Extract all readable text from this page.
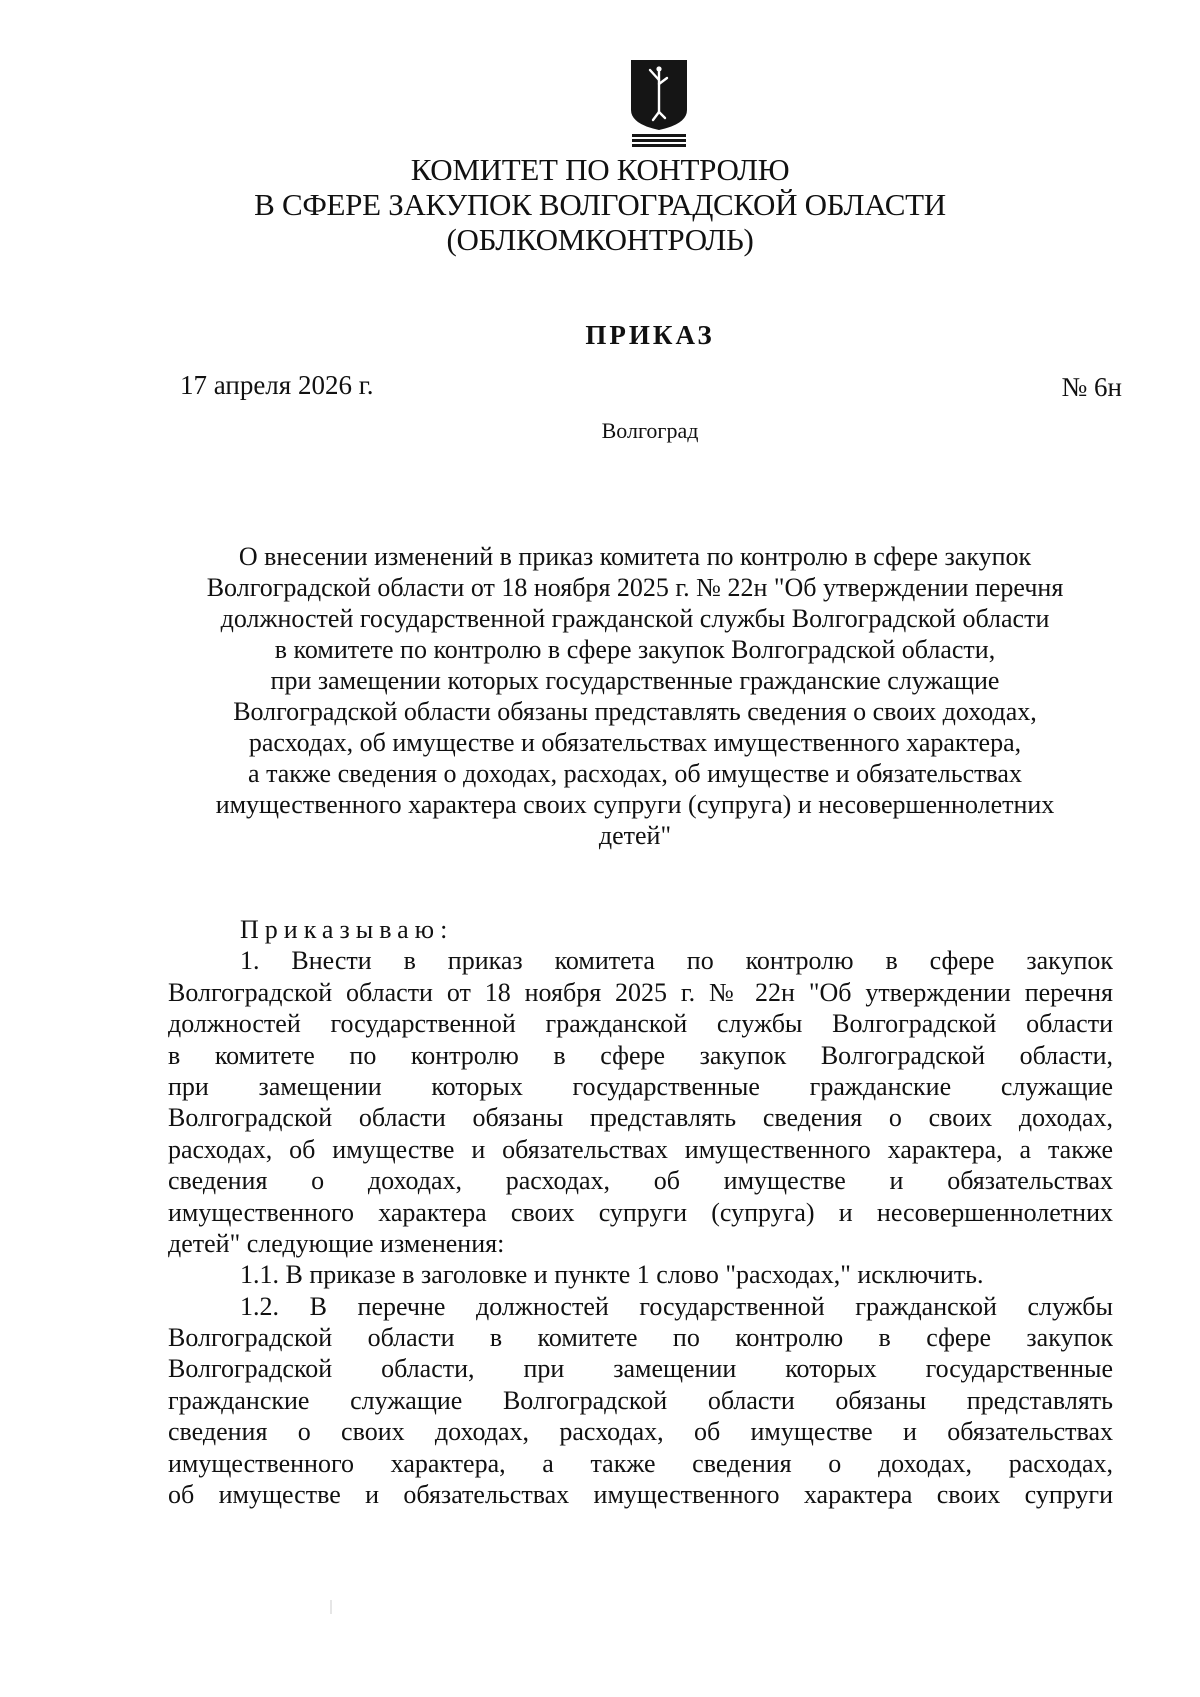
КОМИТЕТ ПО КОНТРОЛЮ
В СФЕРЕ ЗАКУПОК ВОЛГОГРАДСКОЙ ОБЛАСТИ
(ОБЛКОМКОНТРОЛЬ)
ПРИКАЗ
17 апреля 2026 г.	№ 6н
Волгоград
О внесении изменений в приказ комитета по контролю в сфере закупок
Волгоградской области от 18 ноября 2025 г. № 22н "Об утверждении перечня
должностей государственной гражданской службы Волгоградской области
в комитете по контролю в сфере закупок Волгоградской области,
при замещении которых государственные гражданские служащие
Волгоградской области обязаны представлять сведения о своих доходах,
расходах, об имуществе и обязательствах имущественного характера,
а также сведения о доходах, расходах, об имуществе и обязательствах
имущественного характера своих супруги (супруга) и несовершеннолетних
детей"
Приказываю:
1. Внести в приказ комитета по контролю в сфере закупок
Волгоградской области от 18 ноября 2025 г. № 22н "Об утверждении перечня
должностей государственной гражданской службы Волгоградской области
в комитете по контролю в сфере закупок Волгоградской области,
при замещении которых государственные гражданские служащие
Волгоградской области обязаны представлять сведения о своих доходах,
расходах, об имуществе и обязательствах имущественного характера, а также
сведения о доходах, расходах, об имуществе и обязательствах
имущественного характера своих супруги (супруга) и несовершеннолетних
детей" следующие изменения:
1.1. В приказе в заголовке и пункте 1 слово "расходах," исключить.
1.2. В перечне должностей государственной гражданской службы
Волгоградской области в комитете по контролю в сфере закупок
Волгоградской области, при замещении которых государственные
гражданские служащие Волгоградской области обязаны представлять
сведения о своих доходах, расходах, об имуществе и обязательствах
имущественного характера, а также сведения о доходах, расходах,
об имуществе и обязательствах имущественного характера своих супруги
